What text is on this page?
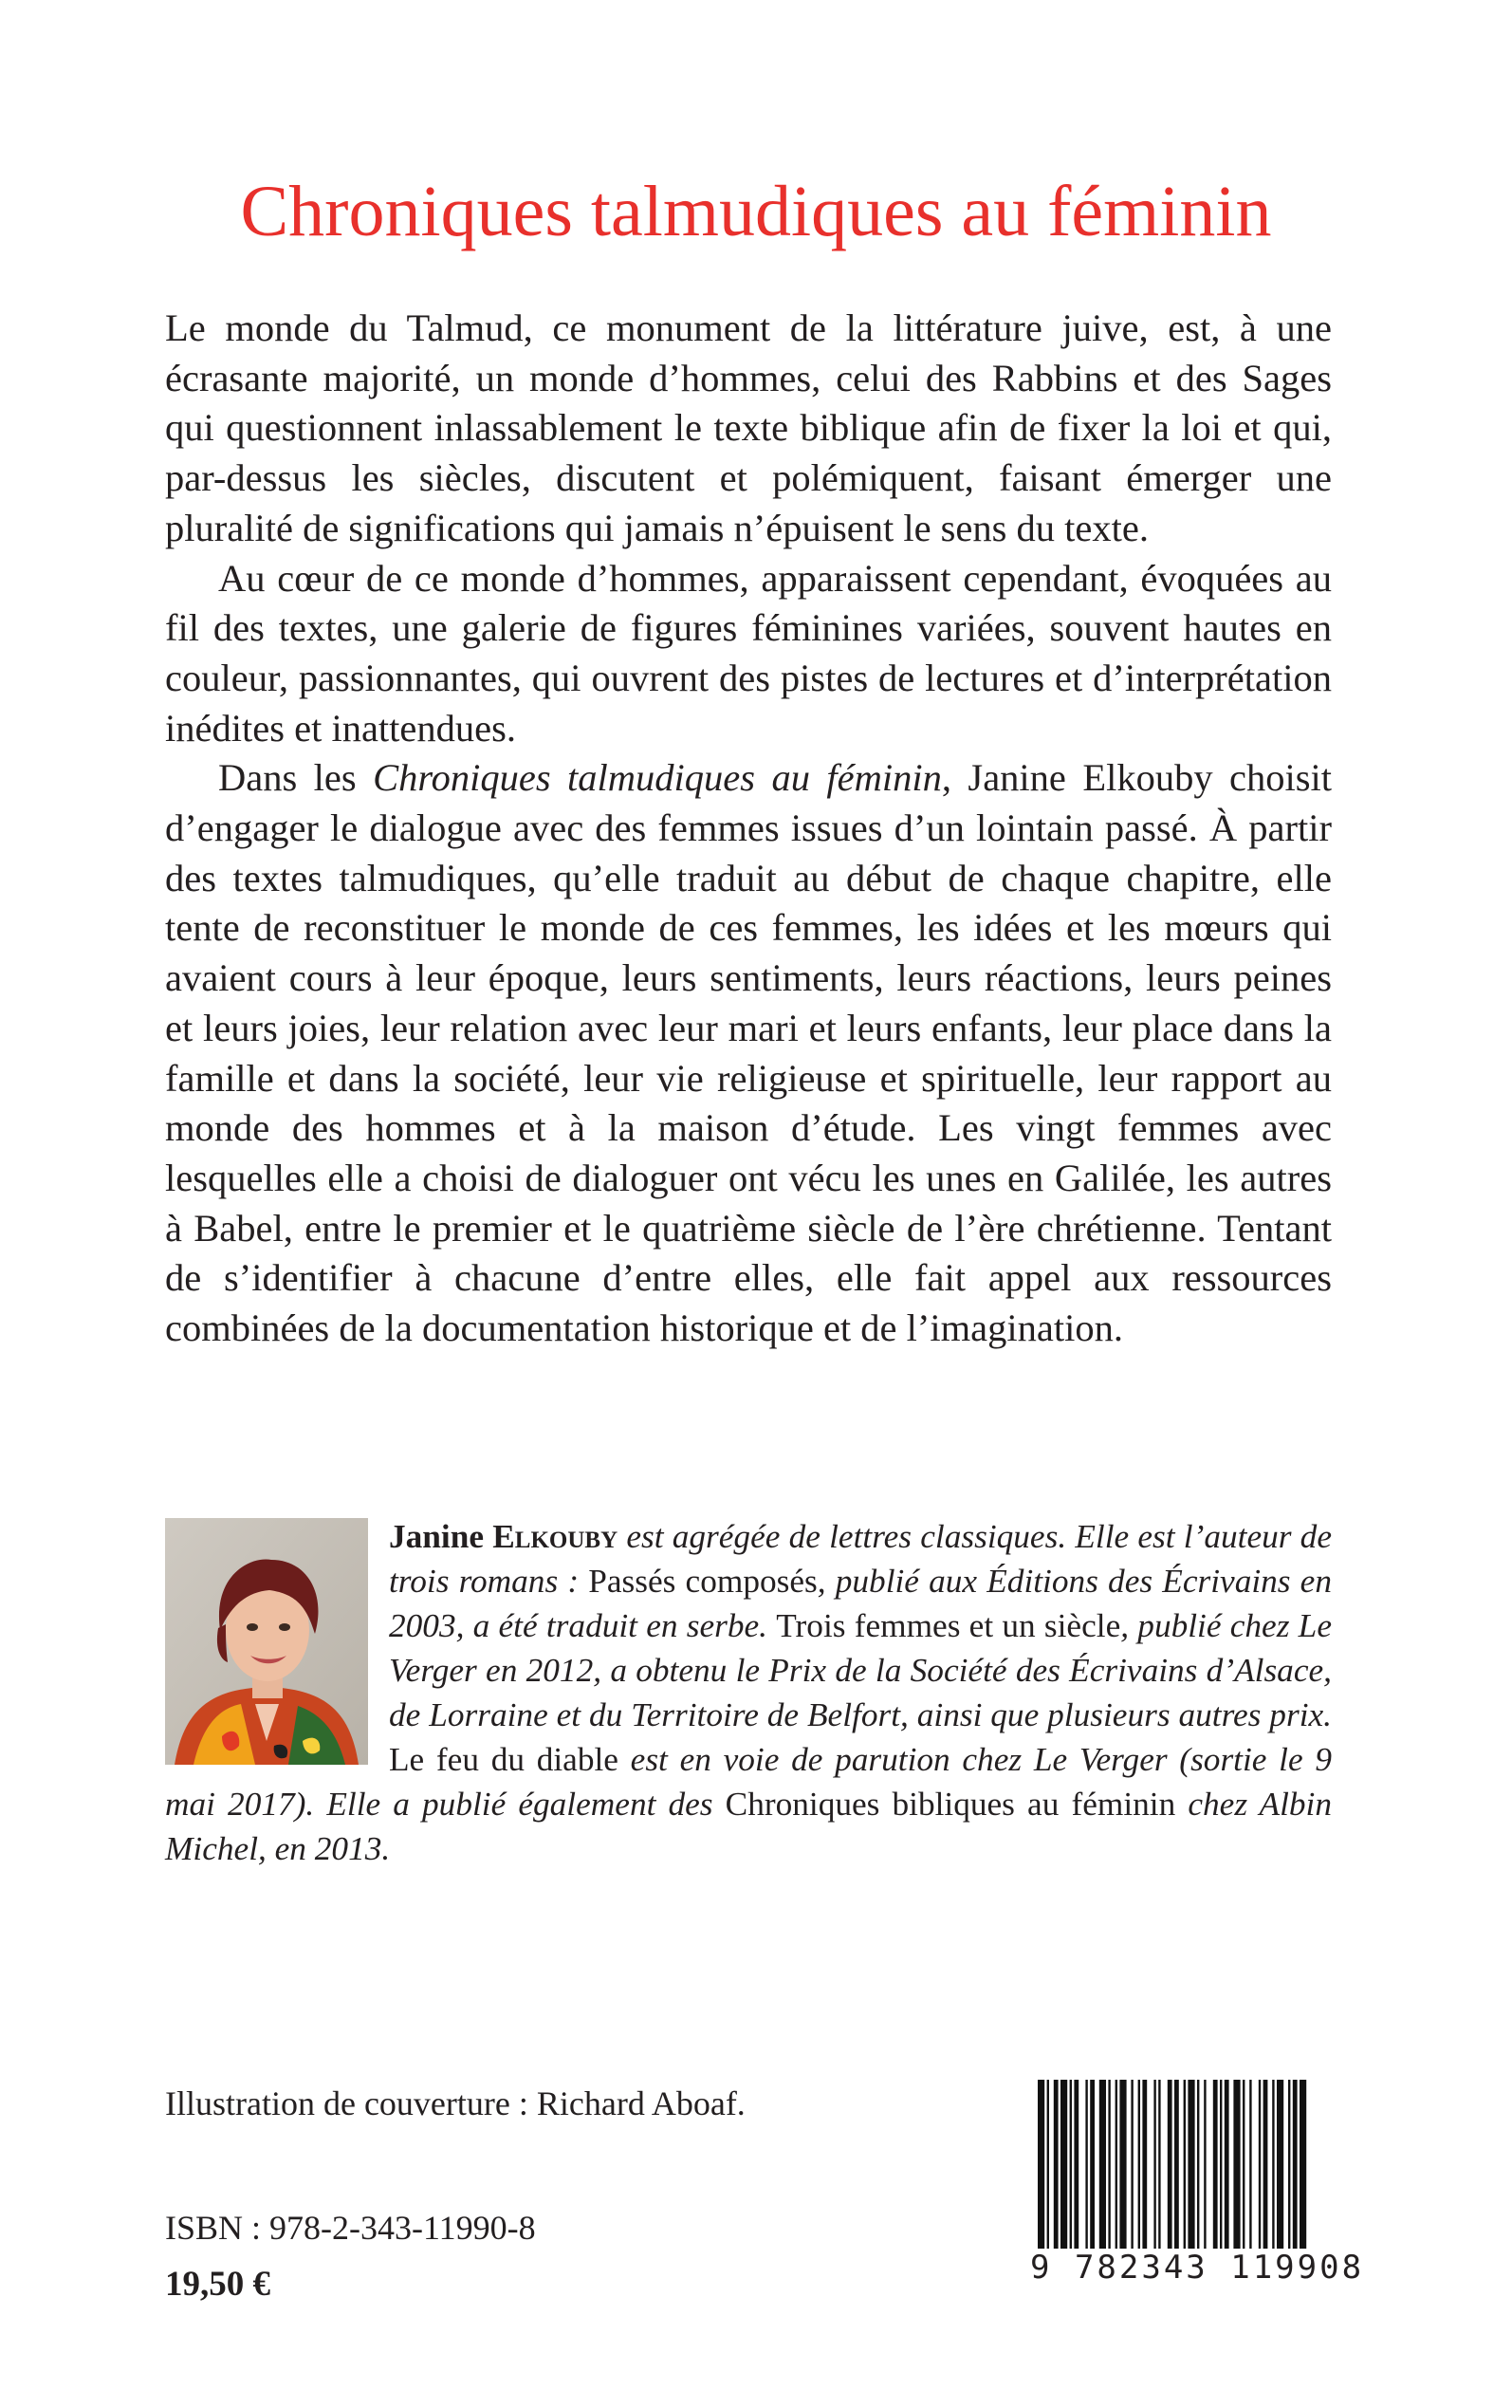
Chroniques talmudiques au féminin

Le monde du Talmud, ce monument de la littérature juive, est, à une écrasante majorité, un monde d’hommes, celui des Rabbins et des Sages qui questionnent inlassablement le texte biblique afin de fixer la loi et qui, par-dessus les siècles, discutent et polémiquent, faisant émerger une pluralité de significations qui jamais n’épuisent le sens du texte.

Au cœur de ce monde d’hommes, apparaissent cependant, évoquées au fil des textes, une galerie de figures féminines variées, souvent hautes en couleur, passionnantes, qui ouvrent des pistes de lectures et d’interprétation inédites et inattendues.

Dans les Chroniques talmudiques au féminin, Janine Elkouby choisit d’engager le dialogue avec des femmes issues d’un lointain passé. À partir des textes talmudiques, qu’elle traduit au début de chaque chapitre, elle tente de reconstituer le monde de ces femmes, les idées et les mœurs qui avaient cours à leur époque, leurs sentiments, leurs réactions, leurs peines et leurs joies, leur relation avec leur mari et leurs enfants, leur place dans la famille et dans la société, leur vie religieuse et spirituelle, leur rapport au monde des hommes et à la maison d’étude. Les vingt femmes avec lesquelles elle a choisi de dialoguer ont vécu les unes en Galilée, les autres à Babel, entre le premier et le quatrième siècle de l’ère chrétienne. Tentant de s’identifier à chacune d’entre elles, elle fait appel aux ressources combinées de la documentation historique et de l’imagination.

Janine Elkouby est agrégée de lettres classiques. Elle est l’auteur de trois romans : Passés composés, publié aux Éditions des Écrivains en 2003, a été traduit en serbe. Trois femmes et un siècle, publié chez Le Verger en 2012, a obtenu le Prix de la Société des Écrivains d’Alsace, de Lorraine et du Territoire de Belfort, ainsi que plusieurs autres prix. Le feu du diable est en voie de parution chez Le Verger (sortie le 9 mai 2017). Elle a publié également des Chroniques bibliques au féminin chez Albin Michel, en 2013.
Illustration de couverture : Richard Aboaf.
ISBN : 978-2-343-11990-8
19,50 €	9 782343 119908
